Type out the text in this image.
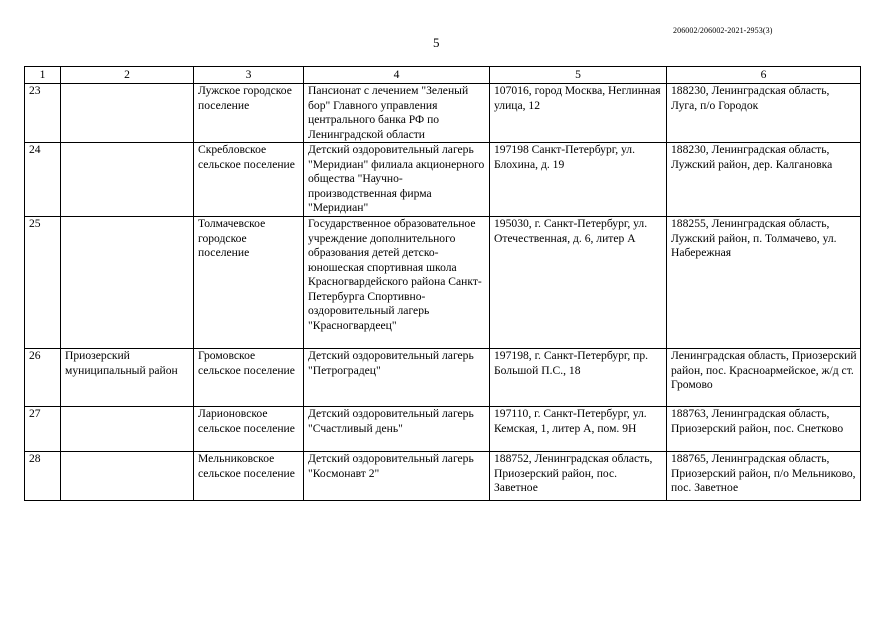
206002/206002-2021-2953(3)
5
1	2	3	4	5	6
23		Лужское городское поселение	Пансионат с лечением "Зеленый бор" Главного управления центрального банка РФ по Ленинградской области	107016, город Москва, Неглинная улица, 12	188230, Ленинградская область, Луга, п/о Городок
24		Скребловское сельское поселение	Детский оздоровительный лагерь "Меридиан" филиала акционерного общества "Научно-производственная фирма "Меридиан"	197198 Санкт-Петербург, ул. Блохина, д. 19	188230, Ленинградская область, Лужский район, дер. Калгановка
25		Толмачевское городское поселение	Государственное образовательное учреждение дополнительного образования детей детско-юношеская спортивная школа Красногвардейского района Санкт-Петербурга Спортивно-оздоровительный лагерь "Красногвардеец"	195030, г. Санкт-Петербург, ул. Отечественная, д. 6, литер А	188255, Ленинградская область, Лужский район, п. Толмачево, ул. Набережная
26	Приозерский муниципальный район	Громовское сельское поселение	Детский оздоровительный лагерь "Петроградец"	197198, г. Санкт-Петербург, пр. Большой П.С., 18	Ленинградская область, Приозерский район, пос. Красноармейское, ж/д ст. Громово
27		Ларионовское сельское поселение	Детский оздоровительный лагерь "Счастливый день"	197110, г. Санкт-Петербург, ул. Кемская, 1, литер А, пом. 9Н	188763, Ленинградская область, Приозерский район, пос. Снетково
28		Мельниковское сельское поселение	Детский оздоровительный лагерь "Космонавт 2"	188752, Ленинградская область, Приозерский район, пос. Заветное	188765, Ленинградская область, Приозерский район, п/о Мельниково, пос. Заветное
